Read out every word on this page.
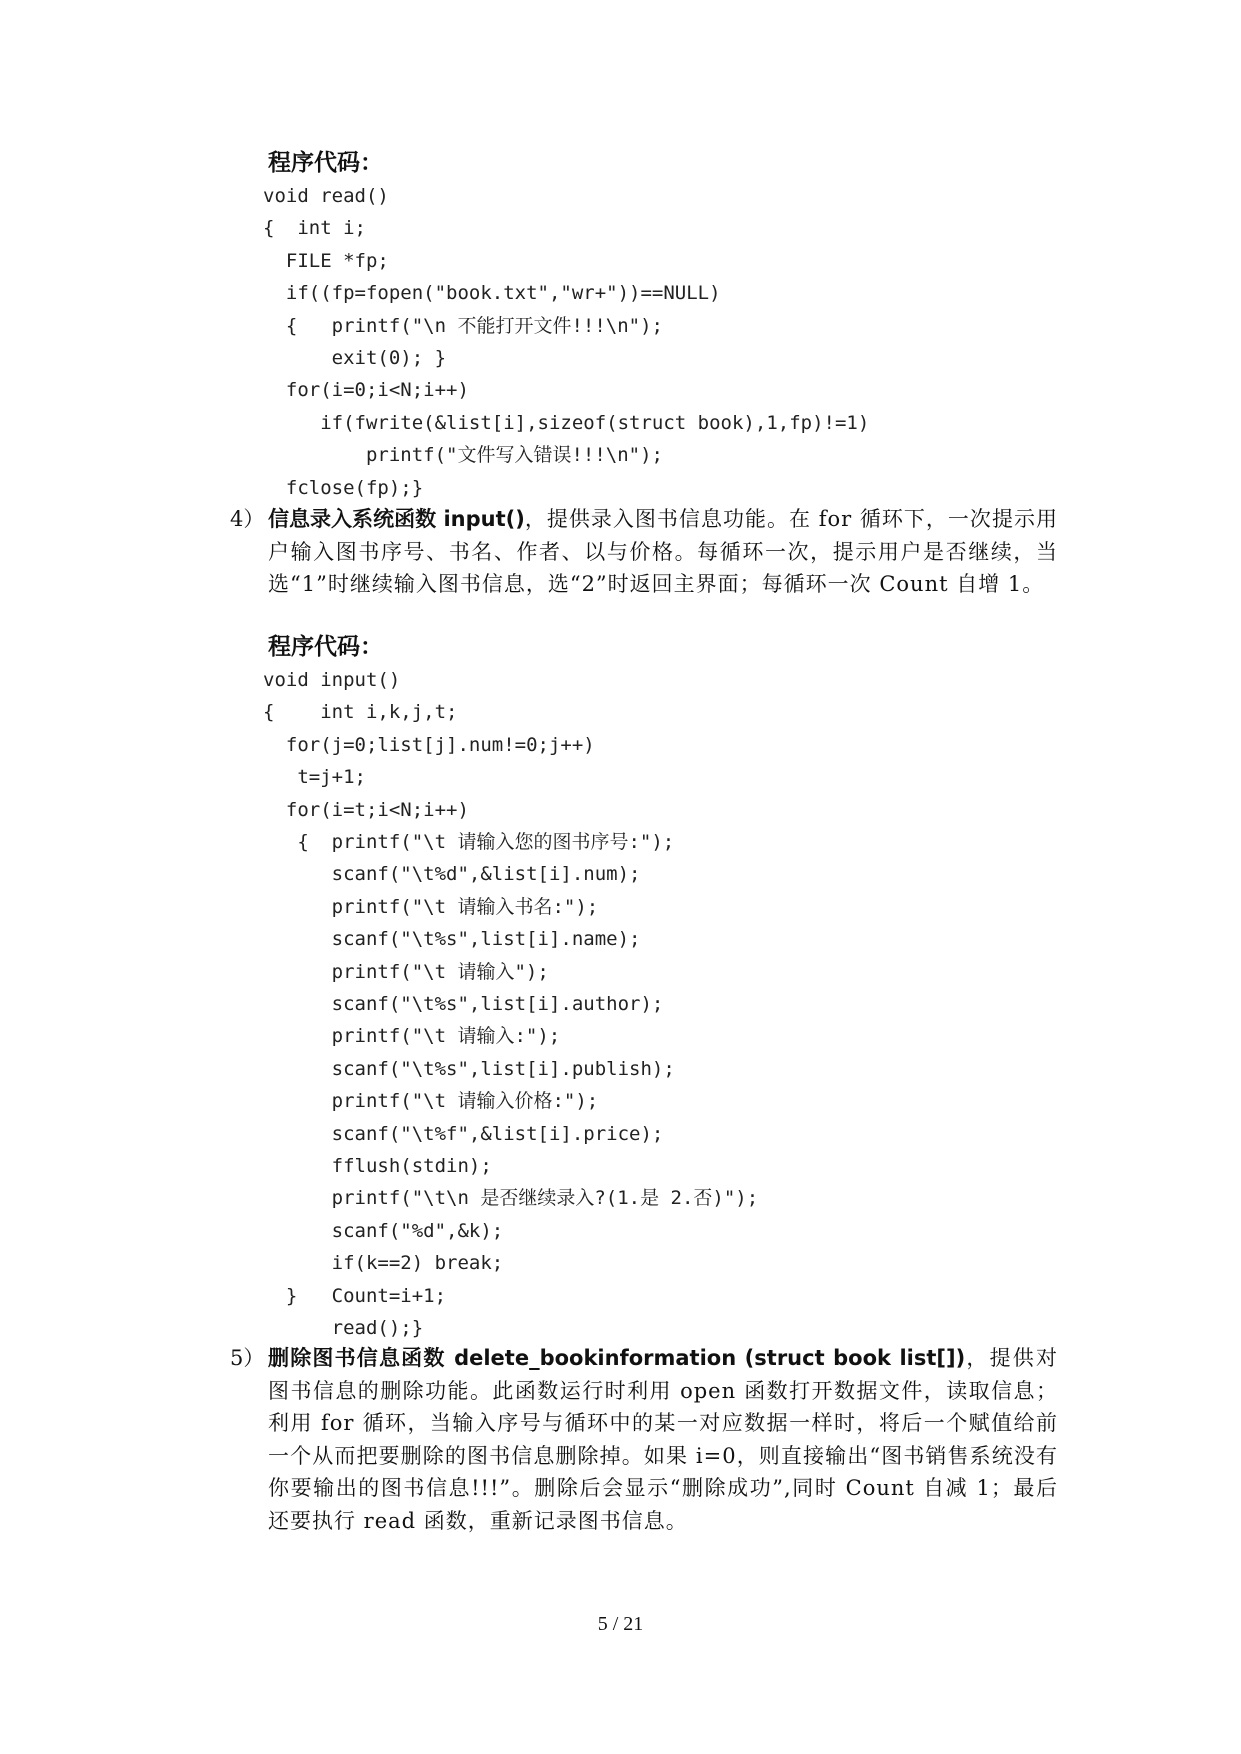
程序代码：
void read()
{  int i;
FILE *fp;
if((fp=fopen("book.txt","wr+"))==NULL)
{   printf("\n 不能打开文件!!!\n");
exit(0); }
for(i=0;i<N;i++)
if(fwrite(&list[i],sizeof(struct book),1,fp)!=1)
printf("文件写入错误!!!\n");
fclose(fp);}
4） 信息录入系统函数 input()，提供录入图书信息功能。在 for 循环下，一次提示用户输入图书序号、书名、作者、以与价格。每循环一次，提示用户是否继续，当选“1”时继续输入图书信息，选“2”时返回主界面；每循环一次 Count 自增 1。
程序代码：
void input()
{    int i,k,j,t;
for(j=0;list[j].num!=0;j++)
t=j+1;
for(i=t;i<N;i++)
{  printf("\t 请输入您的图书序号:");
scanf("\t%d",&list[i].num);
printf("\t 请输入书名:");
scanf("\t%s",list[i].name);
printf("\t 请输入");
scanf("\t%s",list[i].author);
printf("\t 请输入:");
scanf("\t%s",list[i].publish);
printf("\t 请输入价格:");
scanf("\t%f",&list[i].price);
fflush(stdin);
printf("\t\n 是否继续录入?(1.是 2.否)");
scanf("%d",&k);
if(k==2) break;
}   Count=i+1;
read();}
5） 删除图书信息函数 delete_bookinformation (struct book list[])，提供对图书信息的删除功能。此函数运行时利用 open 函数打开数据文件，读取信息；利用 for 循环，当输入序号与循环中的某一对应数据一样时，将后一个赋值给前一个从而把要删除的图书信息删除掉。如果 i=0，则直接输出“图书销售系统没有你要输出的图书信息!!!”。删除后会显示“删除成功”,同时 Count 自减 1；最后还要执行 read 函数，重新记录图书信息。
5 / 21
